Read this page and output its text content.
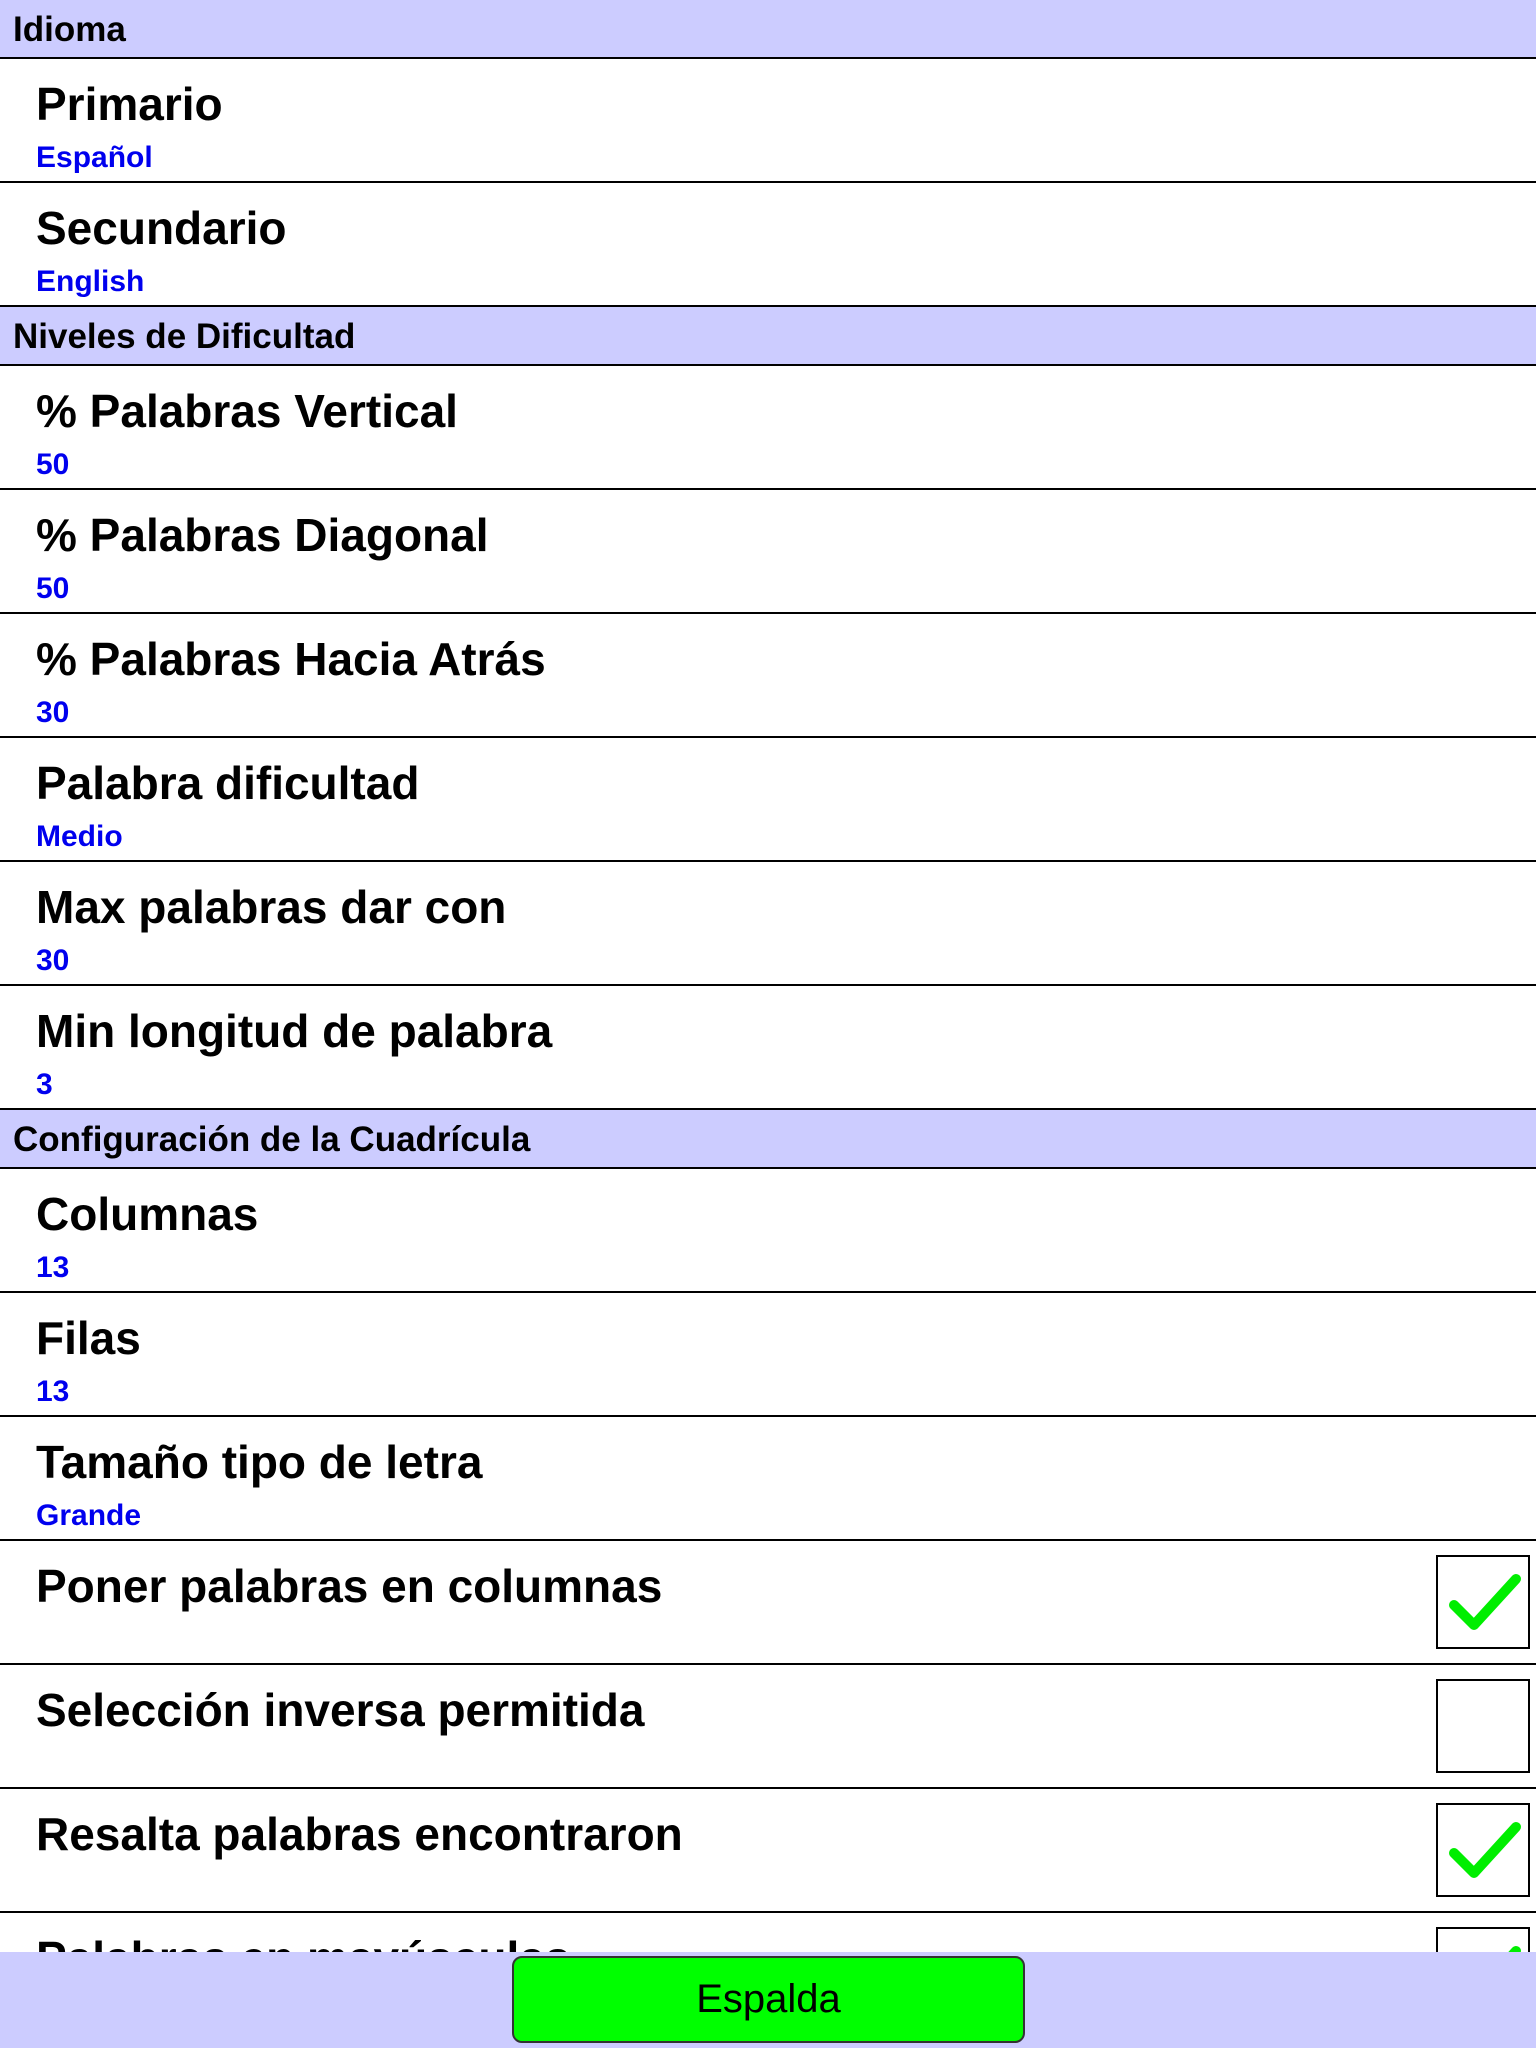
Idioma
Primario
Español
Secundario
English
Niveles de Dificultad
% Palabras Vertical
50
% Palabras Diagonal
50
% Palabras Hacia Atrás
30
Palabra dificultad
Medio
Max palabras dar con
30
Min longitud de palabra
3
Configuración de la Cuadrícula
Columnas
13
Filas
13
Tamaño tipo de letra
Grande
Poner palabras en columnas
Selección inversa permitida
Resalta palabras encontraron
Espalda
